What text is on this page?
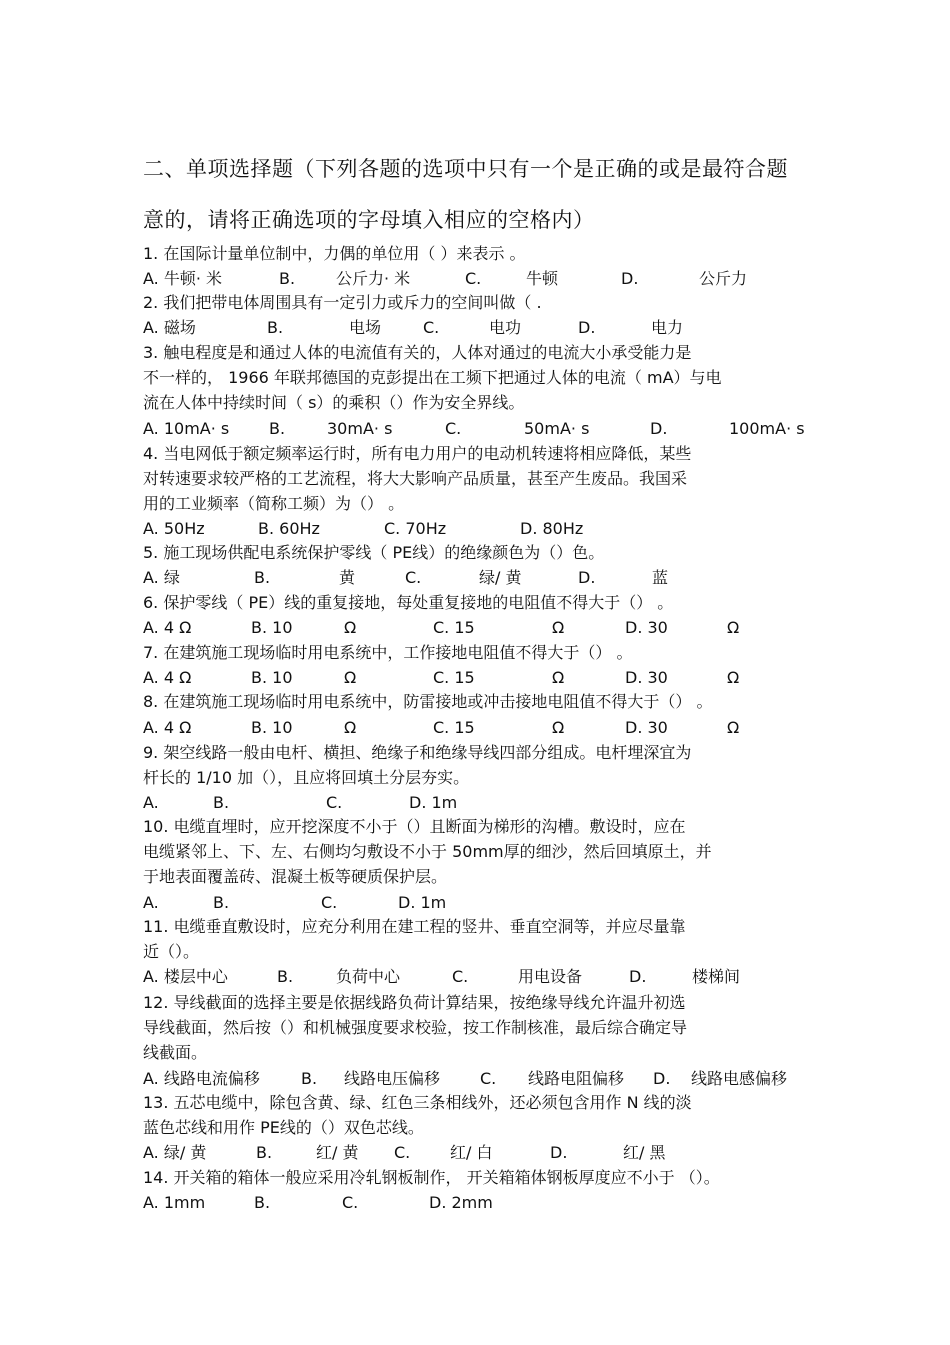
二、单项选择题（下列各题的选项中只有一个是正确的或是最符合题
意的，请将正确选项的字母填入相应的空格内）
1. 在国际计量单位制中，力偶的单位用（ ）来表示 。
A. 牛顿· 米	B.	公斤力· 米	C.	牛顿	D.	公斤力
2. 我们把带电体周围具有一定引力或斥力的空间叫做（ .
A. 磁场	B.	电场	C.	电功	D.	电力
3. 触电程度是和通过人体的电流值有关的，人体对通过的电流大小承受能力是
不一样的， 1966 年联邦德国的克彭提出在工频下把通过人体的电流（ mA）与电
流在人体中持续时间（ s）的乘积（）作为安全界线。
A. 10mA· s B.	30mA· s	C.	50mA· s	D.	100mA· s
4. 当电网低于额定频率运行时，所有电力用户的电动机转速将相应降低，某些
对转速要求较严格的工艺流程，将大大影响产品质量，甚至产生废品。我国采
用的工业频率（简称工频）为（） 。
A. 50Hz	B. 60Hz	C. 70Hz	D. 80Hz
5. 施工现场供配电系统保护零线（ PE线）的绝缘颜色为（）色。
A. 绿	B.	黄	C.	绿/ 黄	D.	蓝
6. 保护零线（ PE）线的重复接地，每处重复接地的电阻值不得大于（） 。
A. 4 Ω	B. 10	Ω	C. 15	Ω	D. 30	Ω
7. 在建筑施工现场临时用电系统中，工作接地电阻值不得大于（） 。
A. 4 Ω	B. 10	Ω	C. 15	Ω	D. 30	Ω
8. 在建筑施工现场临时用电系统中，防雷接地或冲击接地电阻值不得大于（） 。
A. 4 Ω	B. 10	Ω	C. 15	Ω	D. 30	Ω
9. 架空线路一般由电杆、横担、绝缘子和绝缘导线四部分组成。电杆埋深宜为
杆长的 1/10 加（），且应将回填土分层夯实。
A.	B.	C.	D. 1m
10. 电缆直埋时，应开挖深度不小于（）且断面为梯形的沟槽。敷设时，应在
电缆紧邻上、下、左、右侧均匀敷设不小于 50mm厚的细沙，然后回填原土，并
于地表面覆盖砖、混凝土板等硬质保护层。
A.	B.	C.	D. 1m
11. 电缆垂直敷设时，应充分利用在建工程的竖井、垂直空洞等，并应尽量靠
近（）。
A. 楼层中心	B.	负荷中心	C.	用电设备	D.	楼梯间
12. 导线截面的选择主要是依据线路负荷计算结果，按绝缘导线允许温升初选
导线截面，然后按（）和机械强度要求校验，按工作制核准，最后综合确定导
线截面。
A. 线路电流偏移	B. 线路电压偏移 C. 线路电阻偏移 D. 线路电感偏移
13. 五芯电缆中，除包含黄、绿、红色三条相线外，还必须包含用作 N 线的淡
蓝色芯线和用作 PE线的（）双色芯线。
A. 绿/ 黄	B.	红/ 黄 C. 红/ 白	D.	红/ 黑
14. 开关箱的箱体一般应采用冷轧钢板制作， 开关箱箱体钢板厚度应不小于 （）。
A. 1mm	B.	C.	D. 2mm
